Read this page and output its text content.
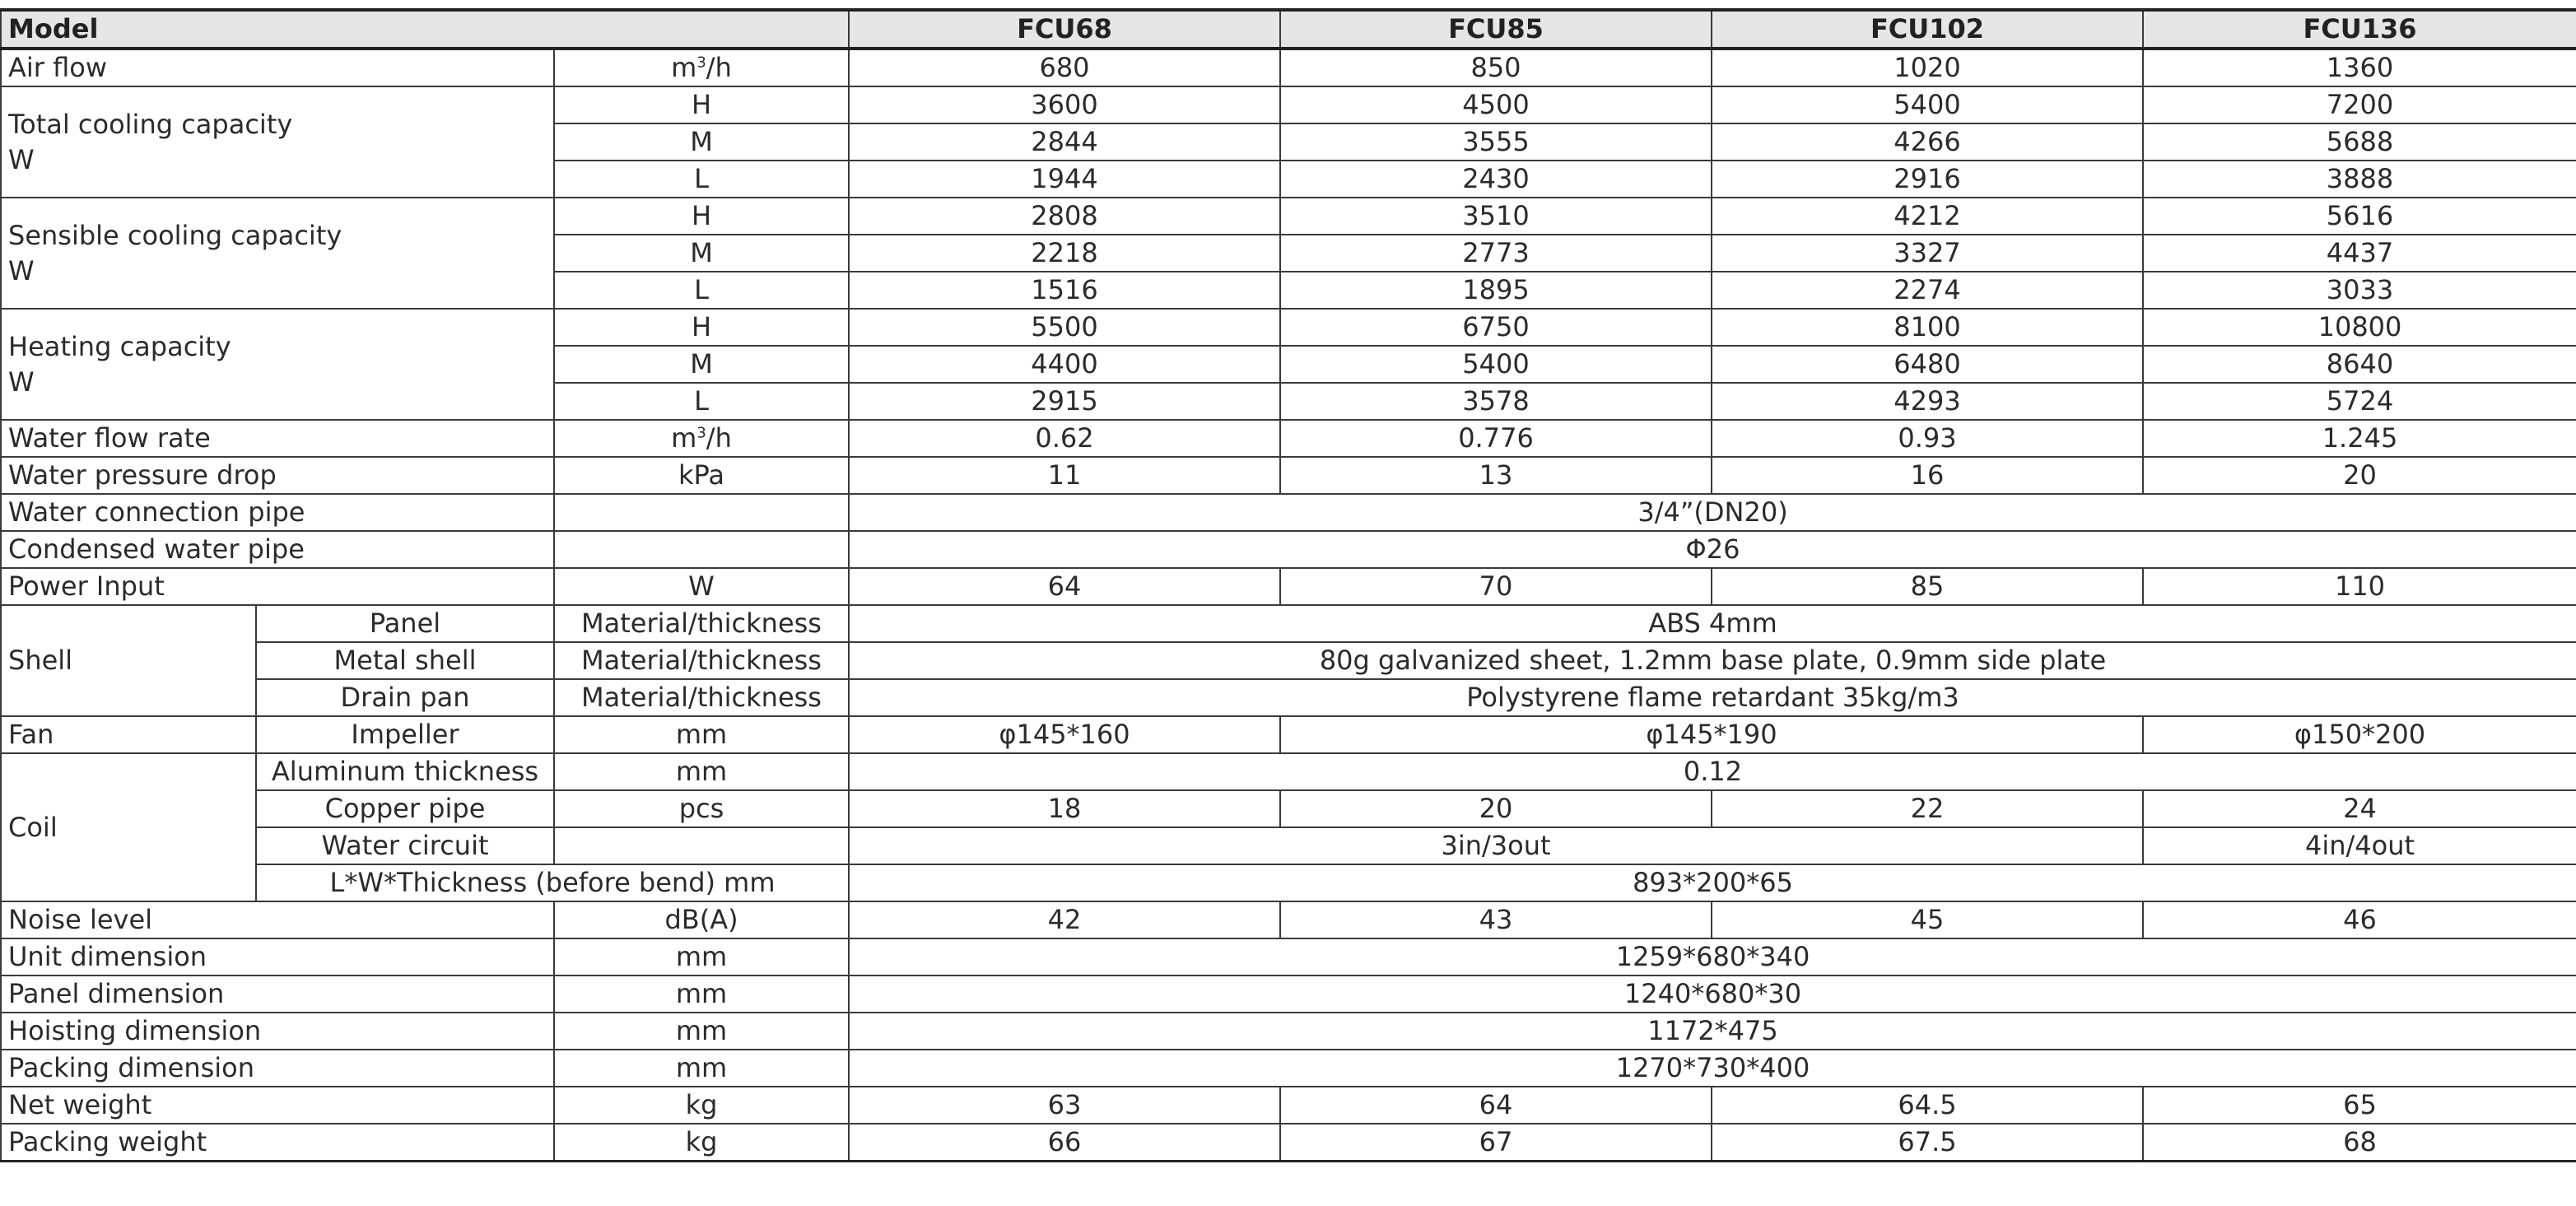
Model			FCU68	FCU85	FCU102	FCU136
Air flow		$m^3/h$	680	850	1020	1360
Total cooling capacity
W		H	3600	4500	5400	7200
		M	2844	3555	4266	5688
		L	1944	2430	2916	3888
Sensible cooling capacity
W		H	2808	3510	4212	5616
		M	2218	2773	3327	4437
		L	1516	1895	2274	3033
Heating capacity
W		H	5500	6750	8100	10800
		M	4400	5400	6480	8640
		L	2915	3578	4293	5724
Water flow rate		$m^3/h$	0.62	0.776	0.93	1.245
Water pressure drop		kPa	11	13	16	20
Water connection pipe			3/4”(DN20)			
Condensed water pipe			Φ26			
Power Input		W	64	70	85	110
Shell	Panel	Material/thickness	ABS 4mm			
	Metal shell	Material/thickness	80g galvanized sheet, 1.2mm base plate, 0.9mm side plate			
	Drain pan	Material/thickness	Polystyrene flame retardant 35kg/m3			
Fan	Impeller	mm	φ145*160	φ145*190		φ150*200
Coil	Aluminum thickness	mm	0.12			
	Copper pipe	pcs	18	20	22	24
	Water circuit		3in/3out			4in/4out
	L*W*Thickness (before bend) mm		893*200*65			
Noise level		dB(A)	42	43	45	46
Unit dimension		mm	1259*680*340			
Panel dimension		mm	1240*680*30			
Hoisting dimension		mm	1172*475			
Packing dimension		mm	1270*730*400			
Net weight		kg	63	64	64.5	65
Packing weight		kg	66	67	67.5	68
